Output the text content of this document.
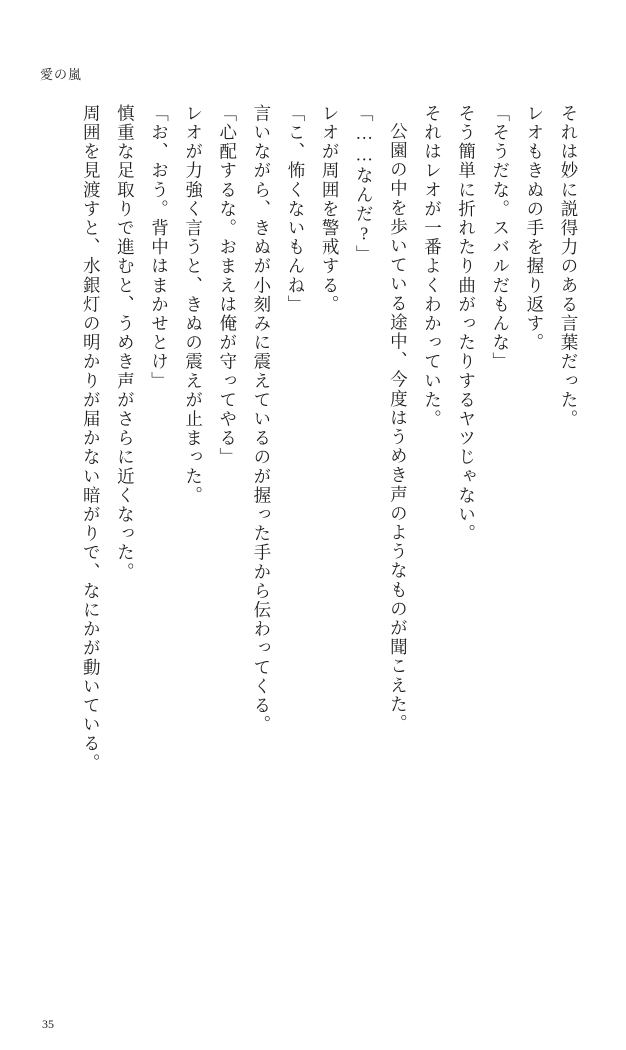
愛の嵐

それは妙に説得力のある言葉だった。

レオもきぬの手を握り返す。

「そうだな。スバルだもんな」

そう簡単に折れたり曲がったりするヤツじゃない。

それはレオが一番よくわかっていた。

公園の中を歩いている途中、今度はうめき声のようなものが聞こえた。

「……なんだ?」

レオが周囲を警戒する。

「こ、怖くないもんね」

言いながら、きぬが小刻みに震えているのが握った手から伝わってくる。

「心配するな。おまえは俺が守ってやる」

レオが力強く言うと、きぬの震えが止まった。

「お、おう。背中はまかせとけ」

慎重な足取りで進むと、うめき声がさらに近くなった。

周囲を見渡すと、水銀灯の明かりが届かない暗がりで、なにかが動いている。

35
